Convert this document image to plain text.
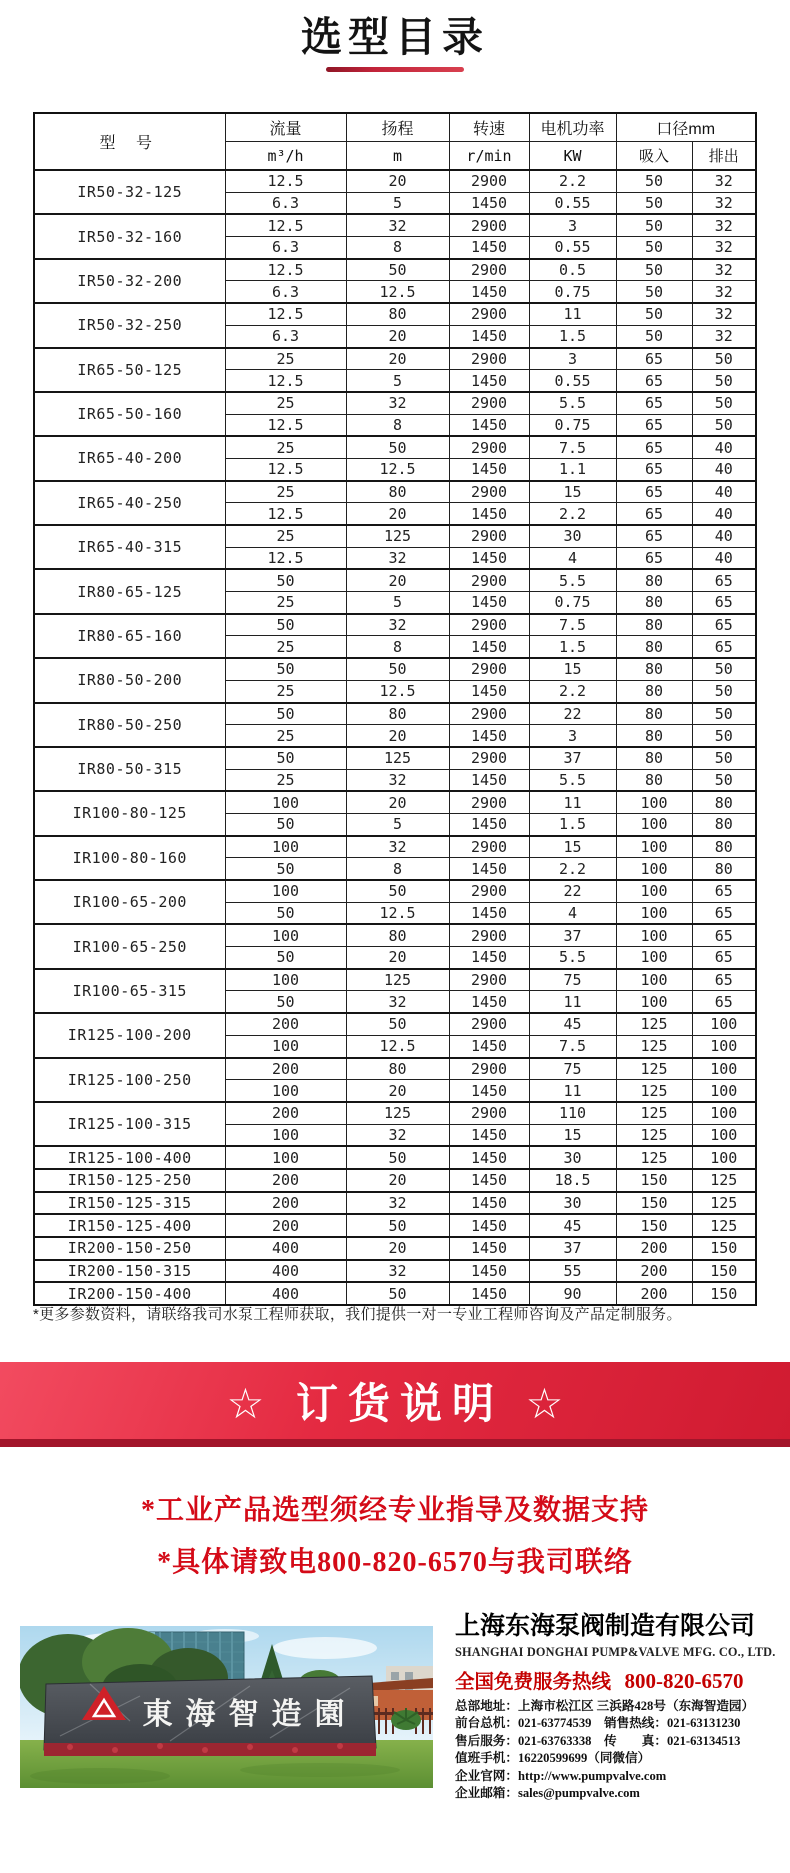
选型目录
型 号	流量	扬程	转速	电机功率	口径mm	
	m³/h	m	r/min	KW	吸入	排出
IR50-32-125	12.5	20	2900	2.2	50	32
	6.3	5	1450	0.55	50	32
IR50-32-160	12.5	32	2900	3	50	32
	6.3	8	1450	0.55	50	32
IR50-32-200	12.5	50	2900	0.5	50	32
	6.3	12.5	1450	0.75	50	32
IR50-32-250	12.5	80	2900	11	50	32
	6.3	20	1450	1.5	50	32
IR65-50-125	25	20	2900	3	65	50
	12.5	5	1450	0.55	65	50
IR65-50-160	25	32	2900	5.5	65	50
	12.5	8	1450	0.75	65	50
IR65-40-200	25	50	2900	7.5	65	40
	12.5	12.5	1450	1.1	65	40
IR65-40-250	25	80	2900	15	65	40
	12.5	20	1450	2.2	65	40
IR65-40-315	25	125	2900	30	65	40
	12.5	32	1450	4	65	40
IR80-65-125	50	20	2900	5.5	80	65
	25	5	1450	0.75	80	65
IR80-65-160	50	32	2900	7.5	80	65
	25	8	1450	1.5	80	65
IR80-50-200	50	50	2900	15	80	50
	25	12.5	1450	2.2	80	50
IR80-50-250	50	80	2900	22	80	50
	25	20	1450	3	80	50
IR80-50-315	50	125	2900	37	80	50
	25	32	1450	5.5	80	50
IR100-80-125	100	20	2900	11	100	80
	50	5	1450	1.5	100	80
IR100-80-160	100	32	2900	15	100	80
	50	8	1450	2.2	100	80
IR100-65-200	100	50	2900	22	100	65
	50	12.5	1450	4	100	65
IR100-65-250	100	80	2900	37	100	65
	50	20	1450	5.5	100	65
IR100-65-315	100	125	2900	75	100	65
	50	32	1450	11	100	65
IR125-100-200	200	50	2900	45	125	100
	100	12.5	1450	7.5	125	100
IR125-100-250	200	80	2900	75	125	100
	100	20	1450	11	125	100
IR125-100-315	200	125	2900	110	125	100
	100	32	1450	15	125	100
IR125-100-400	100	50	1450	30	125	100
IR150-125-250	200	20	1450	18.5	150	125
IR150-125-315	200	32	1450	30	150	125
IR150-125-400	200	50	1450	45	150	125
IR200-150-250	400	20	1450	37	200	150
IR200-150-315	400	32	1450	55	200	150
IR200-150-400	400	50	1450	90	200	150

*更多参数资料，请联络我司水泵工程师获取，我们提供一对一专业工程师咨询及产品定制服务。

☆ 订货说明 ☆

*工业产品选型须经专业指导及数据支持

*具体请致电800-820-6570与我司联络

東海智造園
上海东海泵阀制造有限公司
SHANGHAI DONGHAI PUMP&VALVE MFG. CO., LTD.
全国免费服务热线 800-820-6570
总部地址：上海市松江区 三浜路428号（东海智造园）
前台总机：021-63774539　销售热线：021-63131230
售后服务：021-63763338　传　　真：021-63134513
值班手机：16220599699（同微信）
企业官网：http://www.pumpvalve.com
企业邮箱：sales@pumpvalve.com
